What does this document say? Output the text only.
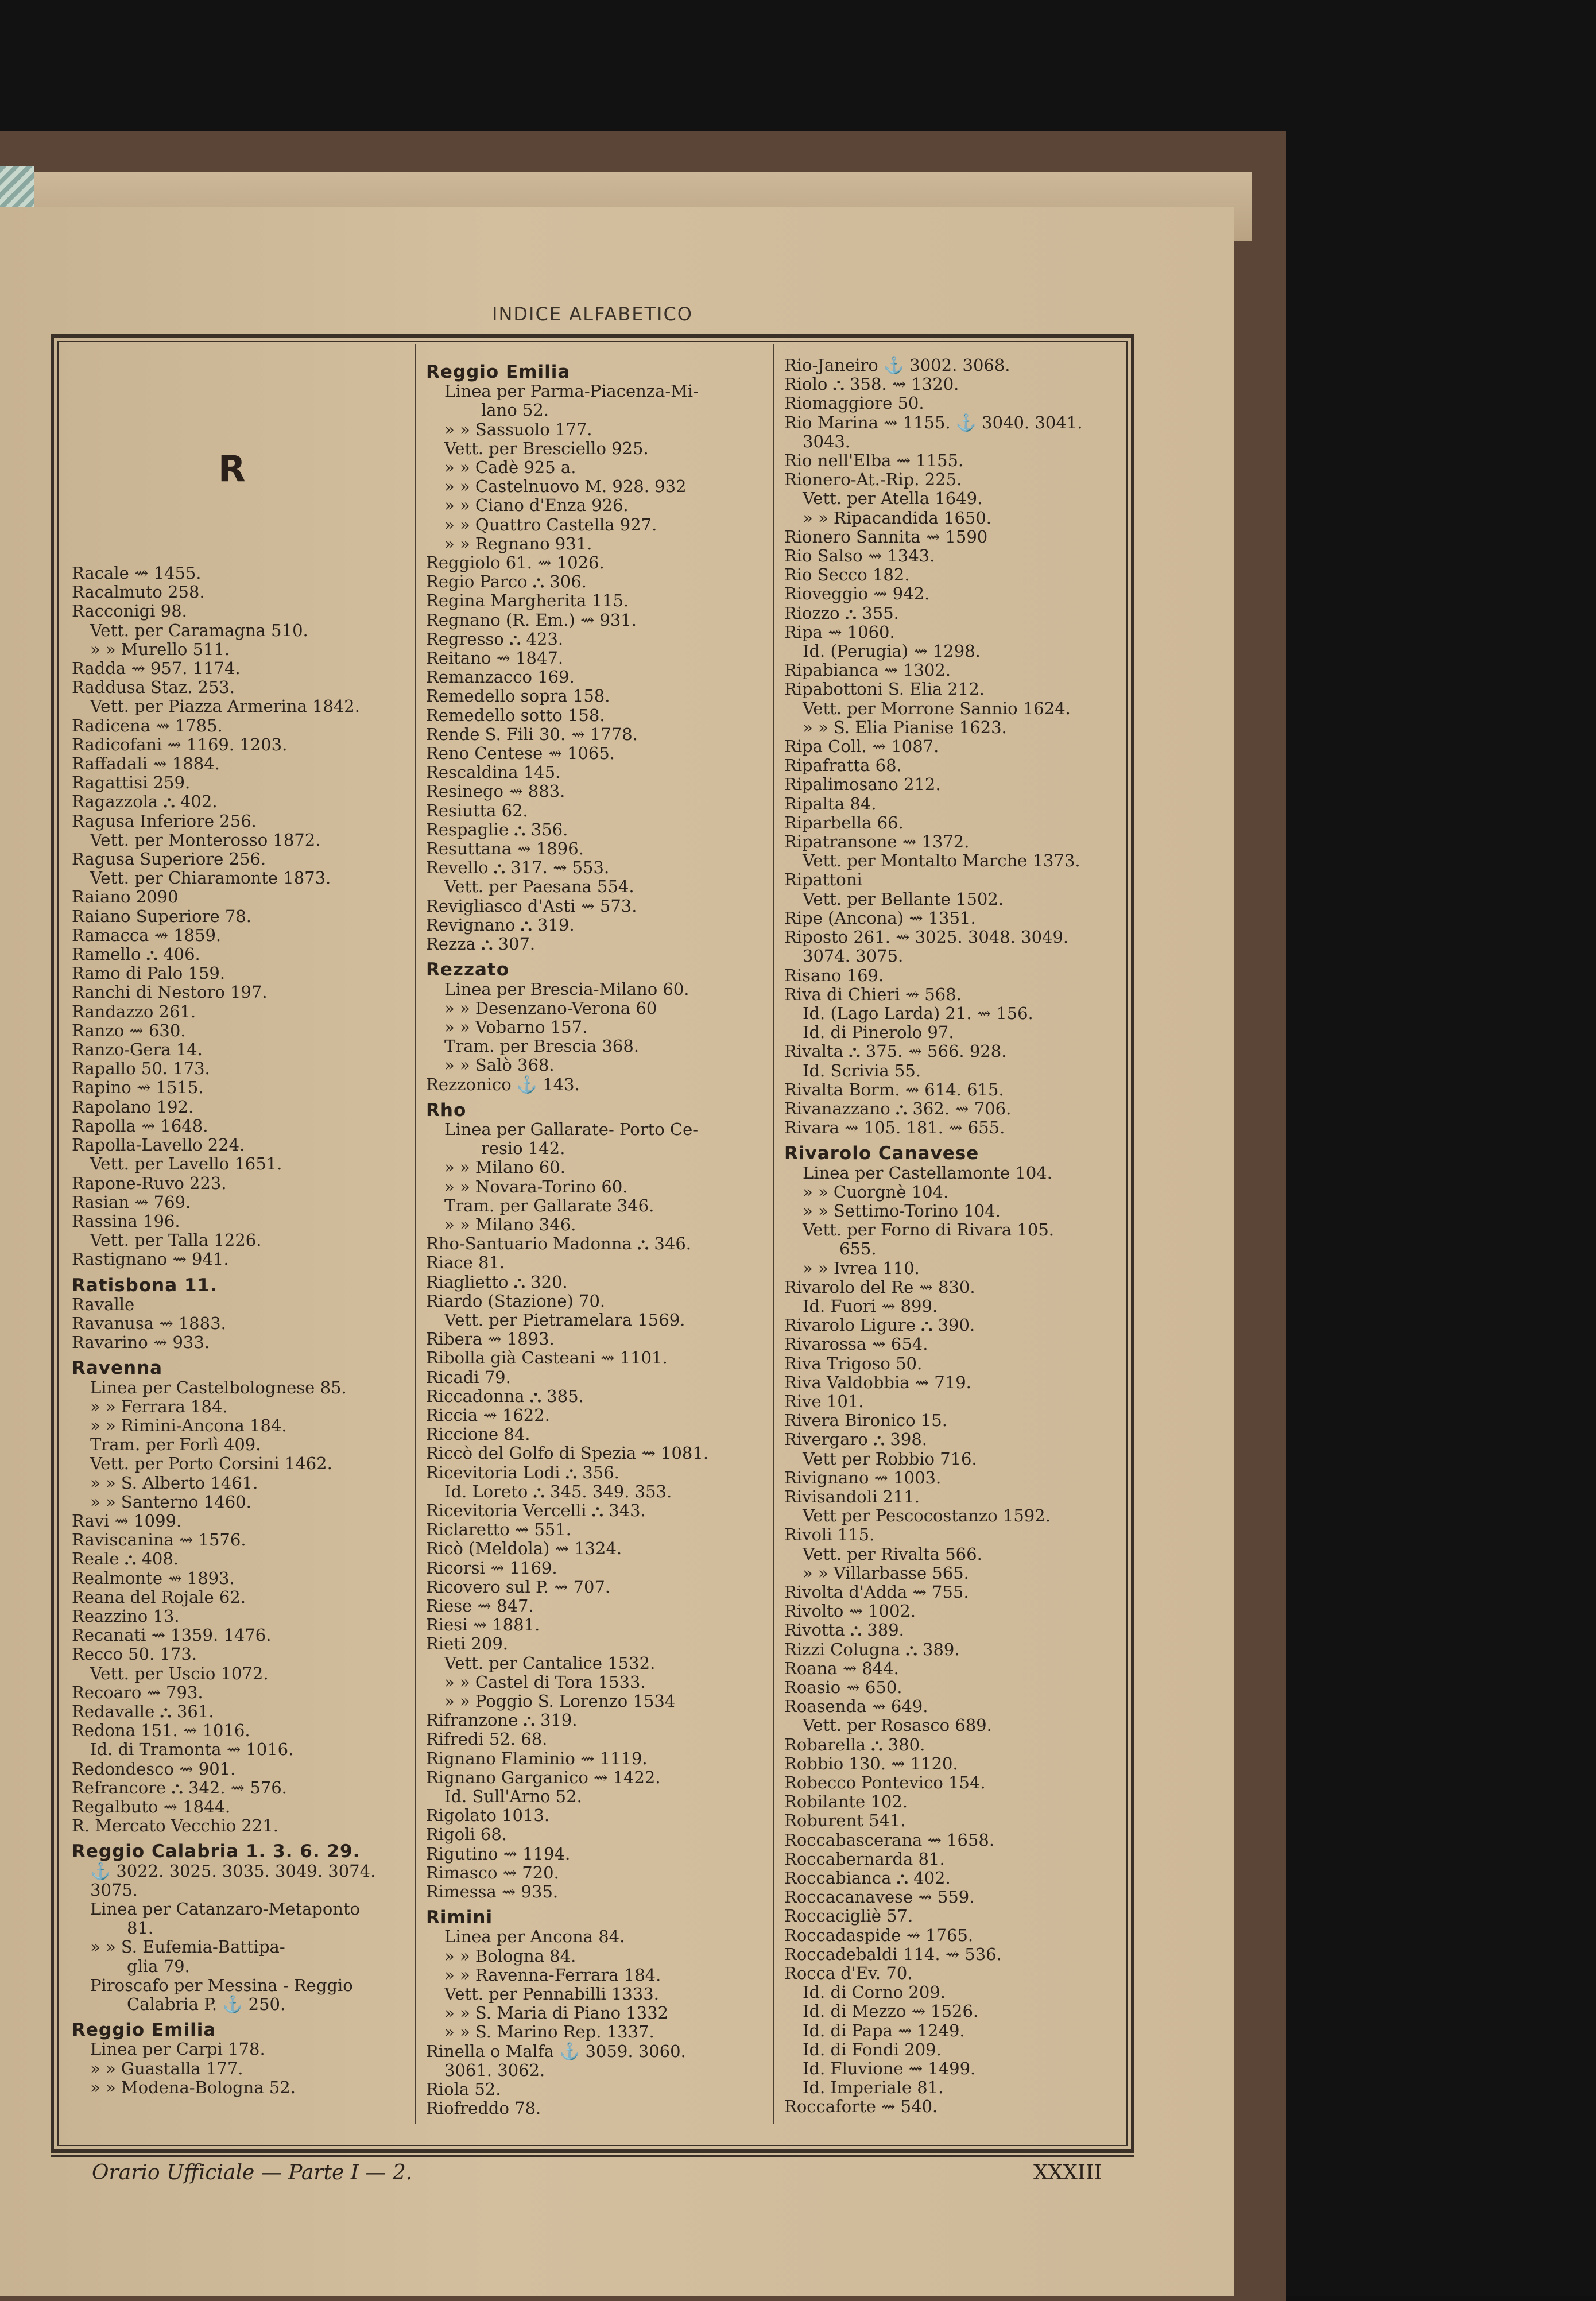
INDICE ALFABETICO
R
Racale ⇝ 1455.
Racalmuto 258.
Racconigi 98.
Vett. per Caramagna 510.
» » Murello 511.
Radda ⇝ 957. 1174.
Raddusa Staz. 253.
Vett. per Piazza Armerina 1842.
Radicena ⇝ 1785.
Radicofani ⇝ 1169. 1203.
Raffadali ⇝ 1884.
Ragattisi 259.
Ragazzola ⛬ 402.
Ragusa Inferiore 256.
Vett. per Monterosso 1872.
Ragusa Superiore 256.
Vett. per Chiaramonte 1873.
Raiano 2090
Raiano Superiore 78.
Ramacca ⇝ 1859.
Ramello ⛬ 406.
Ramo di Palo 159.
Ranchi di Nestoro 197.
Randazzo 261.
Ranzo ⇝ 630.
Ranzo-Gera 14.
Rapallo 50. 173.
Rapino ⇝ 1515.
Rapolano 192.
Rapolla ⇝ 1648.
Rapolla-Lavello 224.
Vett. per Lavello 1651.
Rapone-Ruvo 223.
Rasian ⇝ 769.
Rassina 196.
Vett. per Talla 1226.
Rastignano ⇝ 941.
Ratisbona 11.
Ravalle
Ravanusa ⇝ 1883.
Ravarino ⇝ 933.
Ravenna
Linea per Castelbolognese 85.
» » Ferrara 184.
» » Rimini-Ancona 184.
Tram. per Forlì 409.
Vett. per Porto Corsini 1462.
» » S. Alberto 1461.
» » Santerno 1460.
Ravi ⇝ 1099.
Raviscanina ⇝ 1576.
Reale ⛬ 408.
Realmonte ⇝ 1893.
Reana del Rojale 62.
Reazzino 13.
Recanati ⇝ 1359. 1476.
Recco 50. 173.
Vett. per Uscio 1072.
Recoaro ⇝ 793.
Redavalle ⛬ 361.
Redona 151. ⇝ 1016.
Id. di Tramonta ⇝ 1016.
Redondesco ⇝ 901.
Refrancore ⛬ 342. ⇝ 576.
Regalbuto ⇝ 1844.
R. Mercato Vecchio 221.
Reggio Calabria 1. 3. 6. 29.
⚓ 3022. 3025. 3035. 3049. 3074.
3075.
Linea per Catanzaro-Metaponto
81.
» » S. Eufemia-Battipa-
glia 79.
Piroscafo per Messina - Reggio
Calabria P. ⚓ 250.
Reggio Emilia
Linea per Carpi 178.
» » Guastalla 177.
» » Modena-Bologna 52.
Reggio Emilia
Linea per Parma-Piacenza-Mi-
lano 52.
» » Sassuolo 177.
Vett. per Bresciello 925.
» » Cadè 925 a.
» » Castelnuovo M. 928. 932
» » Ciano d'Enza 926.
» » Quattro Castella 927.
» » Regnano 931.
Reggiolo 61. ⇝ 1026.
Regio Parco ⛬ 306.
Regina Margherita 115.
Regnano (R. Em.) ⇝ 931.
Regresso ⛬ 423.
Reitano ⇝ 1847.
Remanzacco 169.
Remedello sopra 158.
Remedello sotto 158.
Rende S. Fili 30. ⇝ 1778.
Reno Centese ⇝ 1065.
Rescaldina 145.
Resinego ⇝ 883.
Resiutta 62.
Respaglie ⛬ 356.
Resuttana ⇝ 1896.
Revello ⛬ 317. ⇝ 553.
Vett. per Paesana 554.
Revigliasco d'Asti ⇝ 573.
Revignano ⛬ 319.
Rezza ⛬ 307.
Rezzato
Linea per Brescia-Milano 60.
» » Desenzano-Verona 60
» » Vobarno 157.
Tram. per Brescia 368.
» » Salò 368.
Rezzonico ⚓ 143.
Rho
Linea per Gallarate- Porto Ce-
resio 142.
» » Milano 60.
» » Novara-Torino 60.
Tram. per Gallarate 346.
» » Milano 346.
Rho-Santuario Madonna ⛬ 346.
Riace 81.
Riaglietto ⛬ 320.
Riardo (Stazione) 70.
Vett. per Pietramelara 1569.
Ribera ⇝ 1893.
Ribolla già Casteani ⇝ 1101.
Ricadi 79.
Riccadonna ⛬ 385.
Riccia ⇝ 1622.
Riccione 84.
Riccò del Golfo di Spezia ⇝ 1081.
Ricevitoria Lodi ⛬ 356.
Id. Loreto ⛬ 345. 349. 353.
Ricevitoria Vercelli ⛬ 343.
Riclaretto ⇝ 551.
Ricò (Meldola) ⇝ 1324.
Ricorsi ⇝ 1169.
Ricovero sul P. ⇝ 707.
Riese ⇝ 847.
Riesi ⇝ 1881.
Rieti 209.
Vett. per Cantalice 1532.
» » Castel di Tora 1533.
» » Poggio S. Lorenzo 1534
Rifranzone ⛬ 319.
Rifredi 52. 68.
Rignano Flaminio ⇝ 1119.
Rignano Garganico ⇝ 1422.
Id. Sull'Arno 52.
Rigolato 1013.
Rigoli 68.
Rigutino ⇝ 1194.
Rimasco ⇝ 720.
Rimessa ⇝ 935.
Rimini
Linea per Ancona 84.
» » Bologna 84.
» » Ravenna-Ferrara 184.
Vett. per Pennabilli 1333.
» » S. Maria di Piano 1332
» » S. Marino Rep. 1337.
Rinella o Malfa ⚓ 3059. 3060.
3061. 3062.
Riola 52.
Riofreddo 78.
Rio-Janeiro ⚓ 3002. 3068.
Riolo ⛬ 358. ⇝ 1320.
Riomaggiore 50.
Rio Marina ⇝ 1155. ⚓ 3040. 3041.
3043.
Rio nell'Elba ⇝ 1155.
Rionero-At.-Rip. 225.
Vett. per Atella 1649.
» » Ripacandida 1650.
Rionero Sannita ⇝ 1590
Rio Salso ⇝ 1343.
Rio Secco 182.
Rioveggio ⇝ 942.
Riozzo ⛬ 355.
Ripa ⇝ 1060.
Id. (Perugia) ⇝ 1298.
Ripabianca ⇝ 1302.
Ripabottoni S. Elia 212.
Vett. per Morrone Sannio 1624.
» » S. Elia Pianise 1623.
Ripa Coll. ⇝ 1087.
Ripafratta 68.
Ripalimosano 212.
Ripalta 84.
Riparbella 66.
Ripatransone ⇝ 1372.
Vett. per Montalto Marche 1373.
Ripattoni
Vett. per Bellante 1502.
Ripe (Ancona) ⇝ 1351.
Riposto 261. ⇝ 3025. 3048. 3049.
3074. 3075.
Risano 169.
Riva di Chieri ⇝ 568.
Id. (Lago Larda) 21. ⇝ 156.
Id. di Pinerolo 97.
Rivalta ⛬ 375. ⇝ 566. 928.
Id. Scrivia 55.
Rivalta Borm. ⇝ 614. 615.
Rivanazzano ⛬ 362. ⇝ 706.
Rivara ⇝ 105. 181. ⇝ 655.
Rivarolo Canavese
Linea per Castellamonte 104.
» » Cuorgnè 104.
» » Settimo-Torino 104.
Vett. per Forno di Rivara 105.
655.
» » Ivrea 110.
Rivarolo del Re ⇝ 830.
Id. Fuori ⇝ 899.
Rivarolo Ligure ⛬ 390.
Rivarossa ⇝ 654.
Riva Trigoso 50.
Riva Valdobbia ⇝ 719.
Rive 101.
Rivera Bironico 15.
Rivergaro ⛬ 398.
Vett per Robbio 716.
Rivignano ⇝ 1003.
Rivisandoli 211.
Vett per Pescocostanzo 1592.
Rivoli 115.
Vett. per Rivalta 566.
» » Villarbasse 565.
Rivolta d'Adda ⇝ 755.
Rivolto ⇝ 1002.
Rivotta ⛬ 389.
Rizzi Colugna ⛬ 389.
Roana ⇝ 844.
Roasio ⇝ 650.
Roasenda ⇝ 649.
Vett. per Rosasco 689.
Robarella ⛬ 380.
Robbio 130. ⇝ 1120.
Robecco Pontevico 154.
Robilante 102.
Roburent 541.
Roccabascerana ⇝ 1658.
Roccabernarda 81.
Roccabianca ⛬ 402.
Roccacanavese ⇝ 559.
Roccacigliè 57.
Roccadaspide ⇝ 1765.
Roccadebaldi 114. ⇝ 536.
Rocca d'Ev. 70.
Id. di Corno 209.
Id. di Mezzo ⇝ 1526.
Id. di Papa ⇝ 1249.
Id. di Fondi 209.
Id. Fluvione ⇝ 1499.
Id. Imperiale 81.
Roccaforte ⇝ 540.
Orario Ufficiale — Parte I — 2.	XXXIII
